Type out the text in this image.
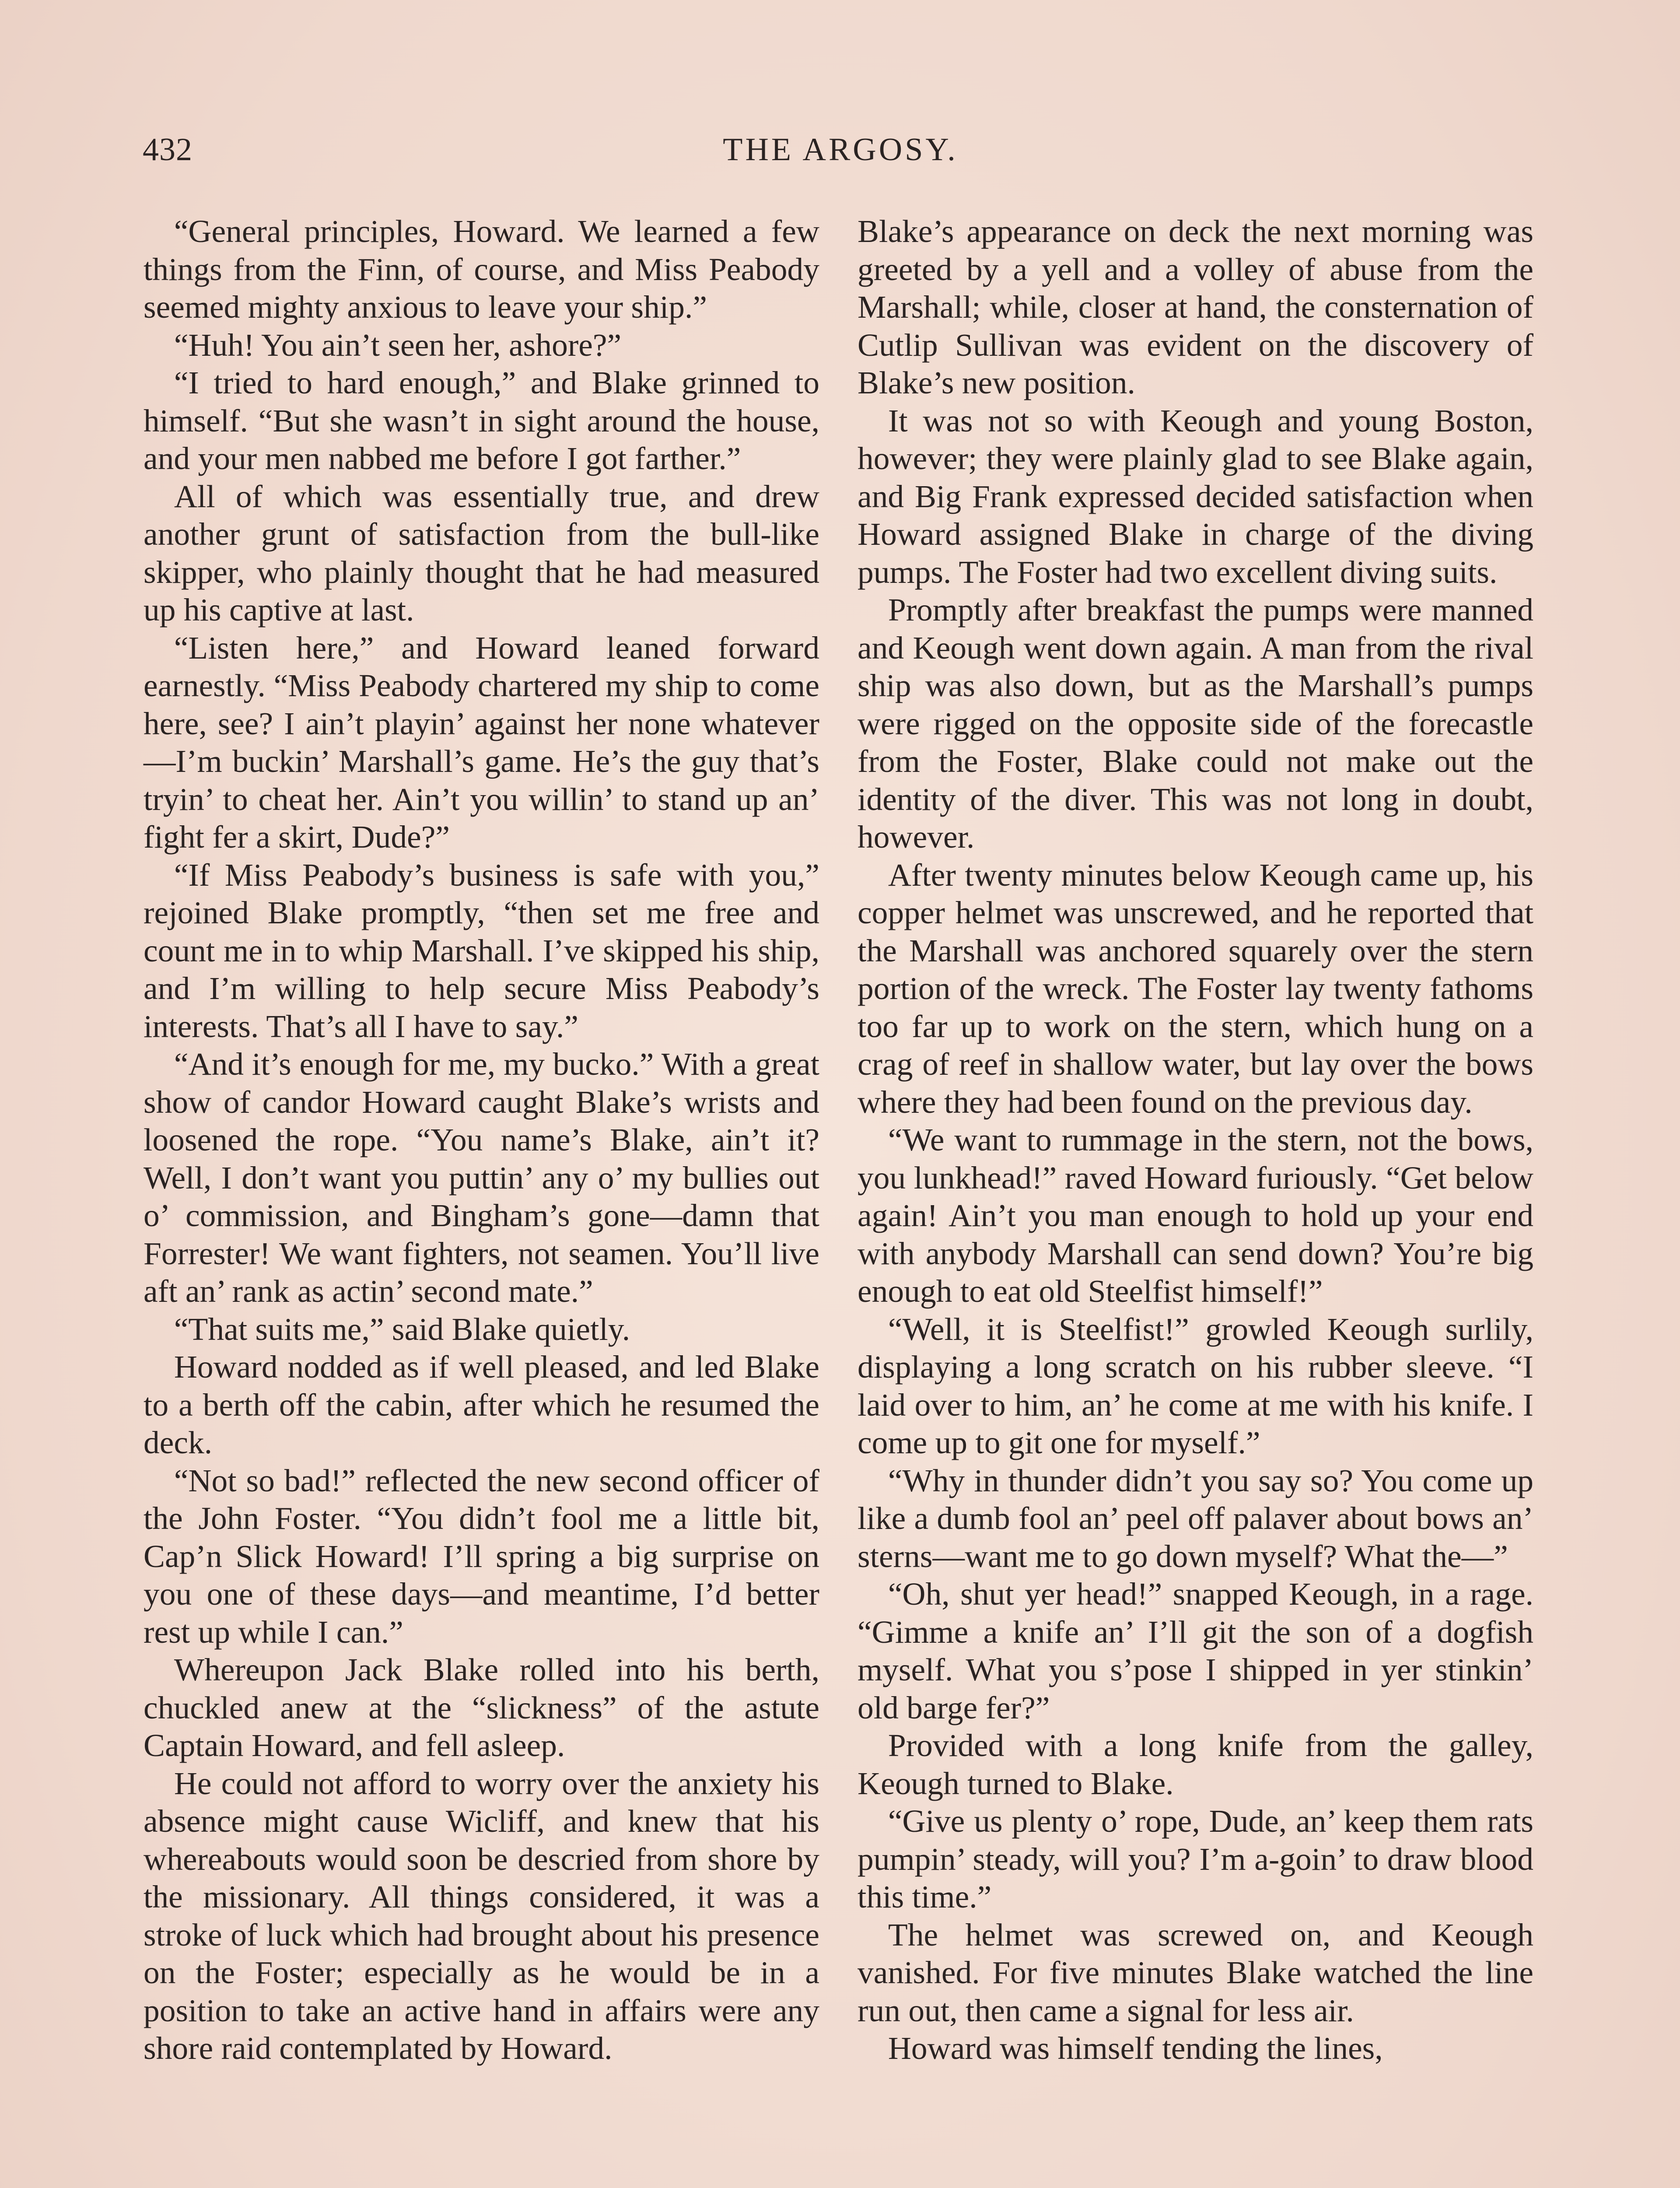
432	THE ARGOSY.

“General principles, Howard. We learned a few things from the Finn, of course, and Miss Peabody seemed mighty anxious to leave your ship.”

“Huh! You ain’t seen her, ashore?”

“I tried to hard enough,” and Blake grinned to himself. “But she wasn’t in sight around the house, and your men nabbed me before I got farther.”

All of which was essentially true, and drew another grunt of satisfaction from the bull-like skipper, who plainly thought that he had measured up his captive at last.

“Listen here,” and Howard leaned forward earnestly. “Miss Peabody chartered my ship to come here, see? I ain’t playin’ against her none whatever—I’m buckin’ Marshall’s game. He’s the guy that’s tryin’ to cheat her. Ain’t you willin’ to stand up an’ fight fer a skirt, Dude?”

“If Miss Peabody’s business is safe with you,” rejoined Blake promptly, “then set me free and count me in to whip Marshall. I’ve skipped his ship, and I’m willing to help secure Miss Peabody’s interests. That’s all I have to say.”

“And it’s enough for me, my bucko.” With a great show of candor Howard caught Blake’s wrists and loosened the rope. “You name’s Blake, ain’t it? Well, I don’t want you puttin’ any o’ my bullies out o’ commission, and Bingham’s gone—damn that Forrester! We want fighters, not seamen. You’ll live aft an’ rank as actin’ second mate.”

“That suits me,” said Blake quietly.

Howard nodded as if well pleased, and led Blake to a berth off the cabin, after which he resumed the deck.

“Not so bad!” reflected the new second officer of the John Foster. “You didn’t fool me a little bit, Cap’n Slick Howard! I’ll spring a big surprise on you one of these days—and meantime, I’d better rest up while I can.”

Whereupon Jack Blake rolled into his berth, chuckled anew at the “slickness” of the astute Captain Howard, and fell asleep.

He could not afford to worry over the anxiety his absence might cause Wicliff, and knew that his whereabouts would soon be descried from shore by the missionary. All things considered, it was a stroke of luck which had brought about his presence on the Foster; especially as he would be in a position to take an active hand in affairs were any shore raid contemplated by Howard.

Blake’s appearance on deck the next morning was greeted by a yell and a volley of abuse from the Marshall; while, closer at hand, the consternation of Cutlip Sullivan was evident on the discovery of Blake’s new position.

It was not so with Keough and young Boston, however; they were plainly glad to see Blake again, and Big Frank expressed decided satisfaction when Howard assigned Blake in charge of the diving pumps. The Foster had two excellent diving suits.

Promptly after breakfast the pumps were manned and Keough went down again. A man from the rival ship was also down, but as the Marshall’s pumps were rigged on the opposite side of the forecastle from the Foster, Blake could not make out the identity of the diver. This was not long in doubt, however.

After twenty minutes below Keough came up, his copper helmet was unscrewed, and he reported that the Marshall was anchored squarely over the stern portion of the wreck. The Foster lay twenty fathoms too far up to work on the stern, which hung on a crag of reef in shallow water, but lay over the bows where they had been found on the previous day.

“We want to rummage in the stern, not the bows, you lunkhead!” raved Howard furiously. “Get below again! Ain’t you man enough to hold up your end with anybody Marshall can send down? You’re big enough to eat old Steelfist himself!”

“Well, it is Steelfist!” growled Keough surlily, displaying a long scratch on his rubber sleeve. “I laid over to him, an’ he come at me with his knife. I come up to git one for myself.”

“Why in thunder didn’t you say so? You come up like a dumb fool an’ peel off palaver about bows an’ sterns—want me to go down myself? What the—”

“Oh, shut yer head!” snapped Keough, in a rage. “Gimme a knife an’ I’ll git the son of a dogfish myself. What you s’pose I shipped in yer stinkin’ old barge fer?”

Provided with a long knife from the galley, Keough turned to Blake.

“Give us plenty o’ rope, Dude, an’ keep them rats pumpin’ steady, will you? I’m a-goin’ to draw blood this time.”

The helmet was screwed on, and Keough vanished. For five minutes Blake watched the line run out, then came a signal for less air.

Howard was himself tending the lines,
